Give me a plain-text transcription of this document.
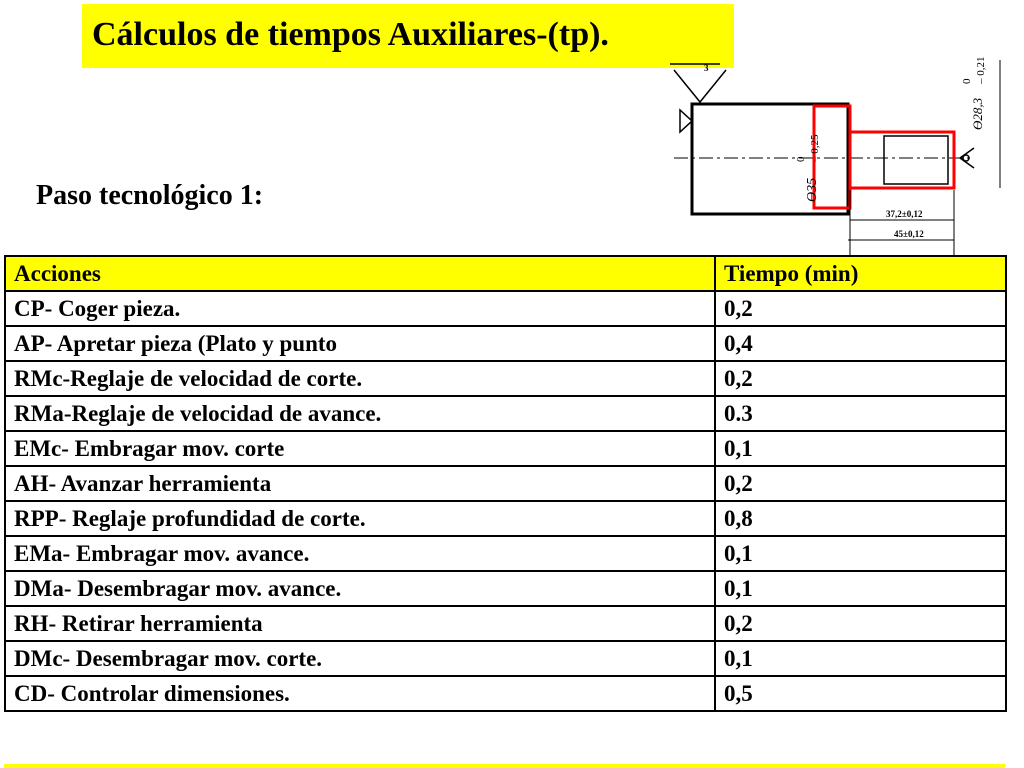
Cálculos de tiempos Auxiliares-(tp).
Paso tecnológico 1:
3
ϴ35
0 – 0,25
ϴ28,3
0 – 0,21
37,2±0,12
45±0,12
Acciones	Tiempo (min)
CP- Coger pieza.	0,2
AP- Apretar pieza (Plato y punto	0,4
RMc-Reglaje de velocidad de corte.	0,2
RMa-Reglaje de velocidad de avance.	0.3
EMc- Embragar mov. corte	0,1
AH- Avanzar herramienta	0,2
RPP- Reglaje profundidad de corte.	0,8
EMa- Embragar mov. avance.	0,1
DMa- Desembragar mov. avance.	0,1
RH- Retirar herramienta	0,2
DMc- Desembragar mov. corte.	0,1
CD- Controlar dimensiones.	0,5
